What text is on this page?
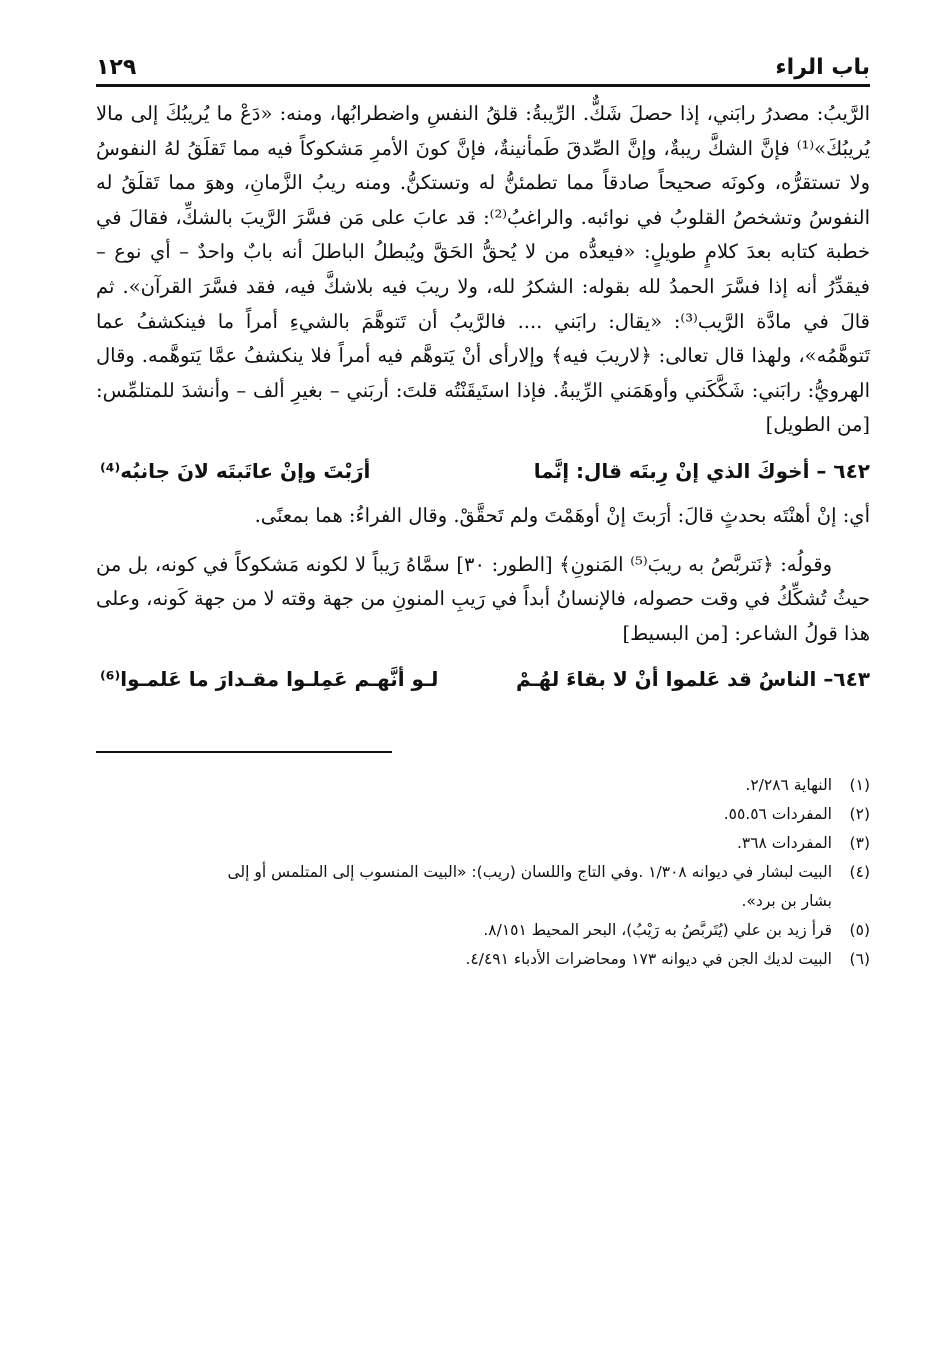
باب الراء
١٢٩

الرَّيبُ: مصدرُ رابَني، إذا حصلَ شَكٌّ. الرِّيبةُ: قلقُ النفسِ واضطرابُها، ومنه: «دَعْ ما يُريبُكَ إلى مالا يُريبُكَ»⁽¹⁾ فإنَّ الشكَّ ريبةٌ، وإنَّ الصِّدقَ طَمأنينةٌ، فإنَّ كونَ الأمرِ مَشكوكاً فيه مما تَقلَقُ لهُ النفوسُ ولا تستقرُّه، وكونَه صحيحاً صادقاً مما تطمئنُّ له وتستكنُّ. ومنه ريبُ الزَّمانِ، وهوَ مما تَقلَقُ له النفوسُ وتشخصُ القلوبُ في نوائبه. والراغبُ⁽²⁾: قد عابَ على مَن فسَّرَ الرَّيبَ بالشكِّ، فقالَ في خطبة كتابه بعدَ كلامٍ طويلٍ: «فيعدُّه من لا يُحقُّ الحَقَّ ويُبطلُ الباطلَ أنه بابٌ واحدٌ – أي نوع – فيقدِّرُ أنه إذا فسَّرَ الحمدُ لله بقوله: الشكرُ لله، ولا ريبَ فيه بلاشكَّ فيه، فقد فسَّرَ القرآن». ثم قالَ في مادَّة الرَّيب⁽³⁾: «يقال: رابَني .... فالرَّيبُ أن تَتوهَّمَ بالشيءِ أمراً ما فينكشفُ عما تَتوهَّمُه»، ولهذا قال تعالى: ﴿لاريبَ فيه﴾ وإلارأى أنْ يَتوهَّم فيه أمراً فلا ينكشفُ عمَّا يَتوهَّمه. وقال الهرويُّ: رابَني: شَكَّكَني وأوهَمَني الرِّيبةُ. فإذا استَيقَنْتُه قلتَ: أربَني – بغيرِ ألف – وأنشدَ للمتلمِّس: [من الطويل]

٦٤٢ – أخوكَ الذي إنْ رِبتَه قال: إنَّما
أرَبْتَ وإنْ عاتَبتَه لانَ جانبُه⁽⁴⁾

أي: إنْ أهنْتَه بحدثٍ قالَ: أرَبتَ إنْ أوهَمْتَ ولم تَحقَّقْ. وقال الفراءُ: هما بمعنًى.

وقولُه: ﴿نَتربَّصُ به ريبَ⁽⁵⁾ المَنونِ﴾ [الطور: ٣٠] سمَّاهُ رَيباً لا لكونه مَشكوكاً في كونه، بل من حيثُ تُشكِّكُ في وقت حصوله، فالإنسانُ أبداً في رَيبِ المنونِ من جهة وقته لا من جهة كَونه، وعلى هذا قولُ الشاعر: [من البسيط]

٦٤٣– الناسُ قد عَلموا أنْ لا بقاءَ لهُـمْ
لـو أنَّهـم عَمِلـوا مقـدارَ ما عَلمـوا⁽⁶⁾
(١)النهاية ٢/٢٨٦.
(٢)المفردات ٥٥.٥٦.
(٣)المفردات ٣٦٨.
(٤)البيت لبشار في ديوانه ١/٣٠٨ .وفي التاج واللسان (ريب): «البيت المنسوب إلى المتلمس أو إلى
بشار بن برد».
(٥)قرأ زيد بن علي (يُتَربَّصُ به رَيْبُ)، البحر المحيط ٨/١٥١.
(٦)البيت لديك الجن في ديوانه ١٧٣ ومحاضرات الأدباء ٤/٤٩١.
